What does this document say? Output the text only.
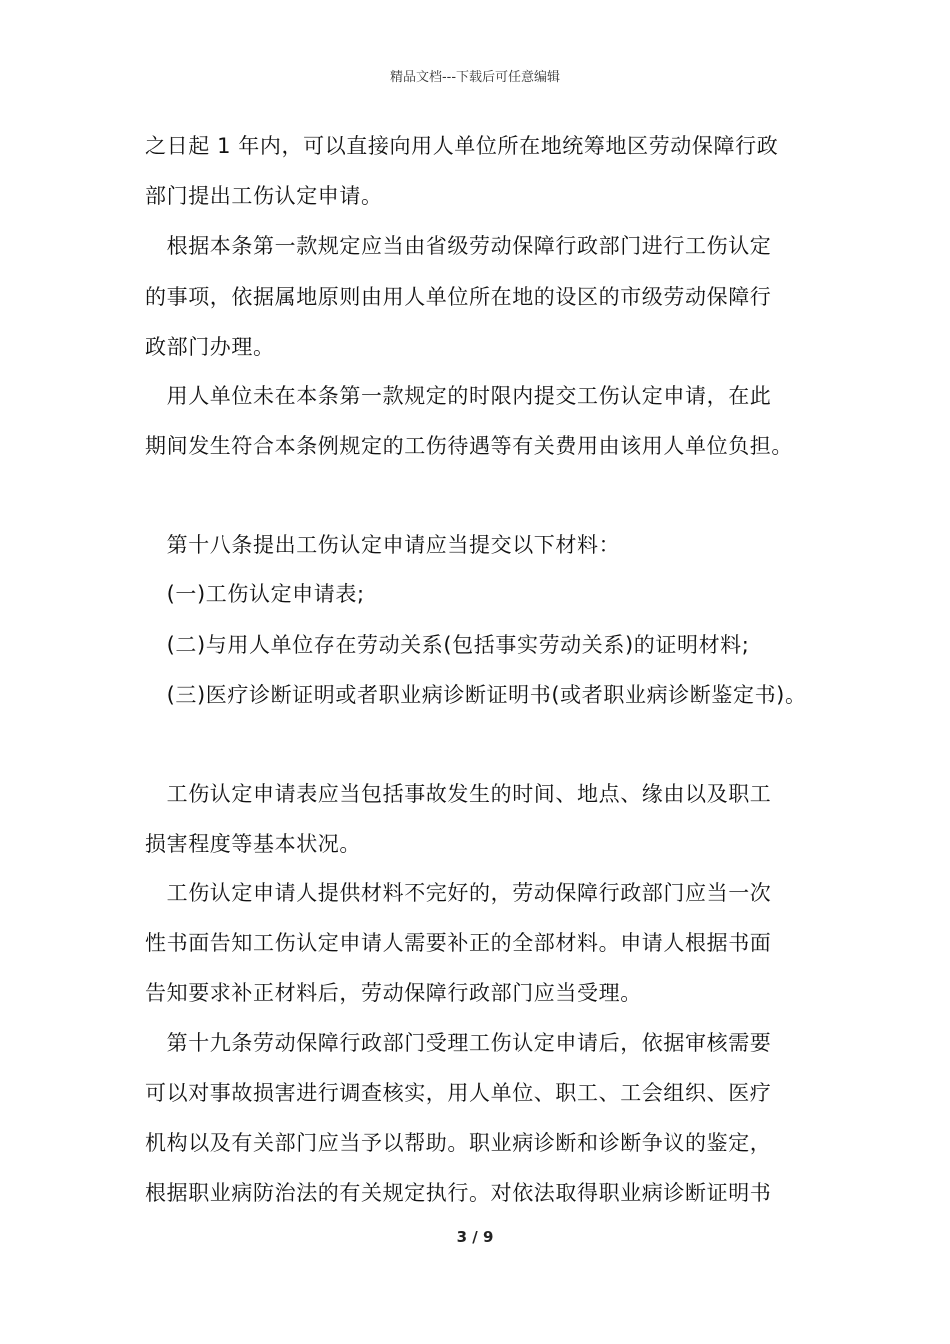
精品文档---下载后可任意编辑
之日起 1 年内，可以直接向用人单位所在地统筹地区劳动保障行政
部门提出工伤认定申请。
　根据本条第一款规定应当由省级劳动保障行政部门进行工伤认定
的事项，依据属地原则由用人单位所在地的设区的市级劳动保障行
政部门办理。
　用人单位未在本条第一款规定的时限内提交工伤认定申请，在此
期间发生符合本条例规定的工伤待遇等有关费用由该用人单位负担。
　第十八条提出工伤认定申请应当提交以下材料：
　(一)工伤认定申请表;
　(二)与用人单位存在劳动关系(包括事实劳动关系)的证明材料;
　(三)医疗诊断证明或者职业病诊断证明书(或者职业病诊断鉴定书)。
　工伤认定申请表应当包括事故发生的时间、地点、缘由以及职工
损害程度等基本状况。
　工伤认定申请人提供材料不完好的，劳动保障行政部门应当一次
性书面告知工伤认定申请人需要补正的全部材料。申请人根据书面
告知要求补正材料后，劳动保障行政部门应当受理。
　第十九条劳动保障行政部门受理工伤认定申请后，依据审核需要
可以对事故损害进行调查核实，用人单位、职工、工会组织、医疗
机构以及有关部门应当予以帮助。职业病诊断和诊断争议的鉴定，
根据职业病防治法的有关规定执行。对依法取得职业病诊断证明书
3 / 9
